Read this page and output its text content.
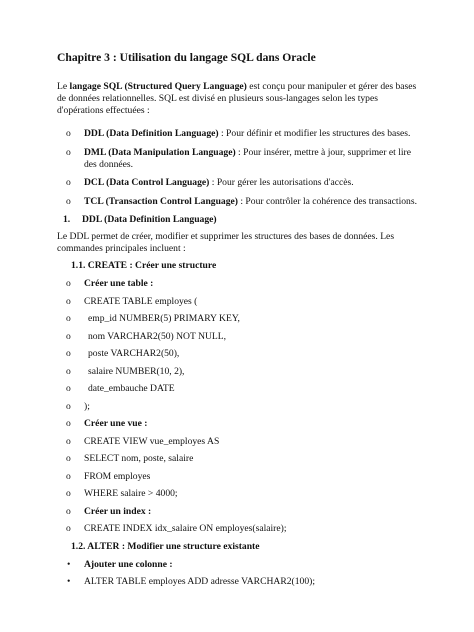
Chapitre 3 : Utilisation du langage SQL dans Oracle

Le langage SQL (Structured Query Language) est conçu pour manipuler et gérer des bases de données relationnelles. SQL est divisé en plusieurs sous-langages selon les types d'opérations effectuées :

o DDL (Data Definition Language) : Pour définir et modifier les structures des bases.
o DML (Data Manipulation Language) : Pour insérer, mettre à jour, supprimer et lire des données.
o DCL (Data Control Language) : Pour gérer les autorisations d'accès.
o TCL (Transaction Control Language) : Pour contrôler la cohérence des transactions.

1. DDL (Data Definition Language)

Le DDL permet de créer, modifier et supprimer les structures des bases de données. Les commandes principales incluent :

1.1. CREATE : Créer une structure

o Créer une table :
o CREATE TABLE employes (
o emp_id NUMBER(5) PRIMARY KEY,
o nom VARCHAR2(50) NOT NULL,
o poste VARCHAR2(50),
o salaire NUMBER(10, 2),
o date_embauche DATE
o );
o Créer une vue :
o CREATE VIEW vue_employes AS
o SELECT nom, poste, salaire
o FROM employes
o WHERE salaire > 4000;
o Créer un index :
o CREATE INDEX idx_salaire ON employes(salaire);

1.2. ALTER : Modifier une structure existante

• Ajouter une colonne :
• ALTER TABLE employes ADD adresse VARCHAR2(100);
